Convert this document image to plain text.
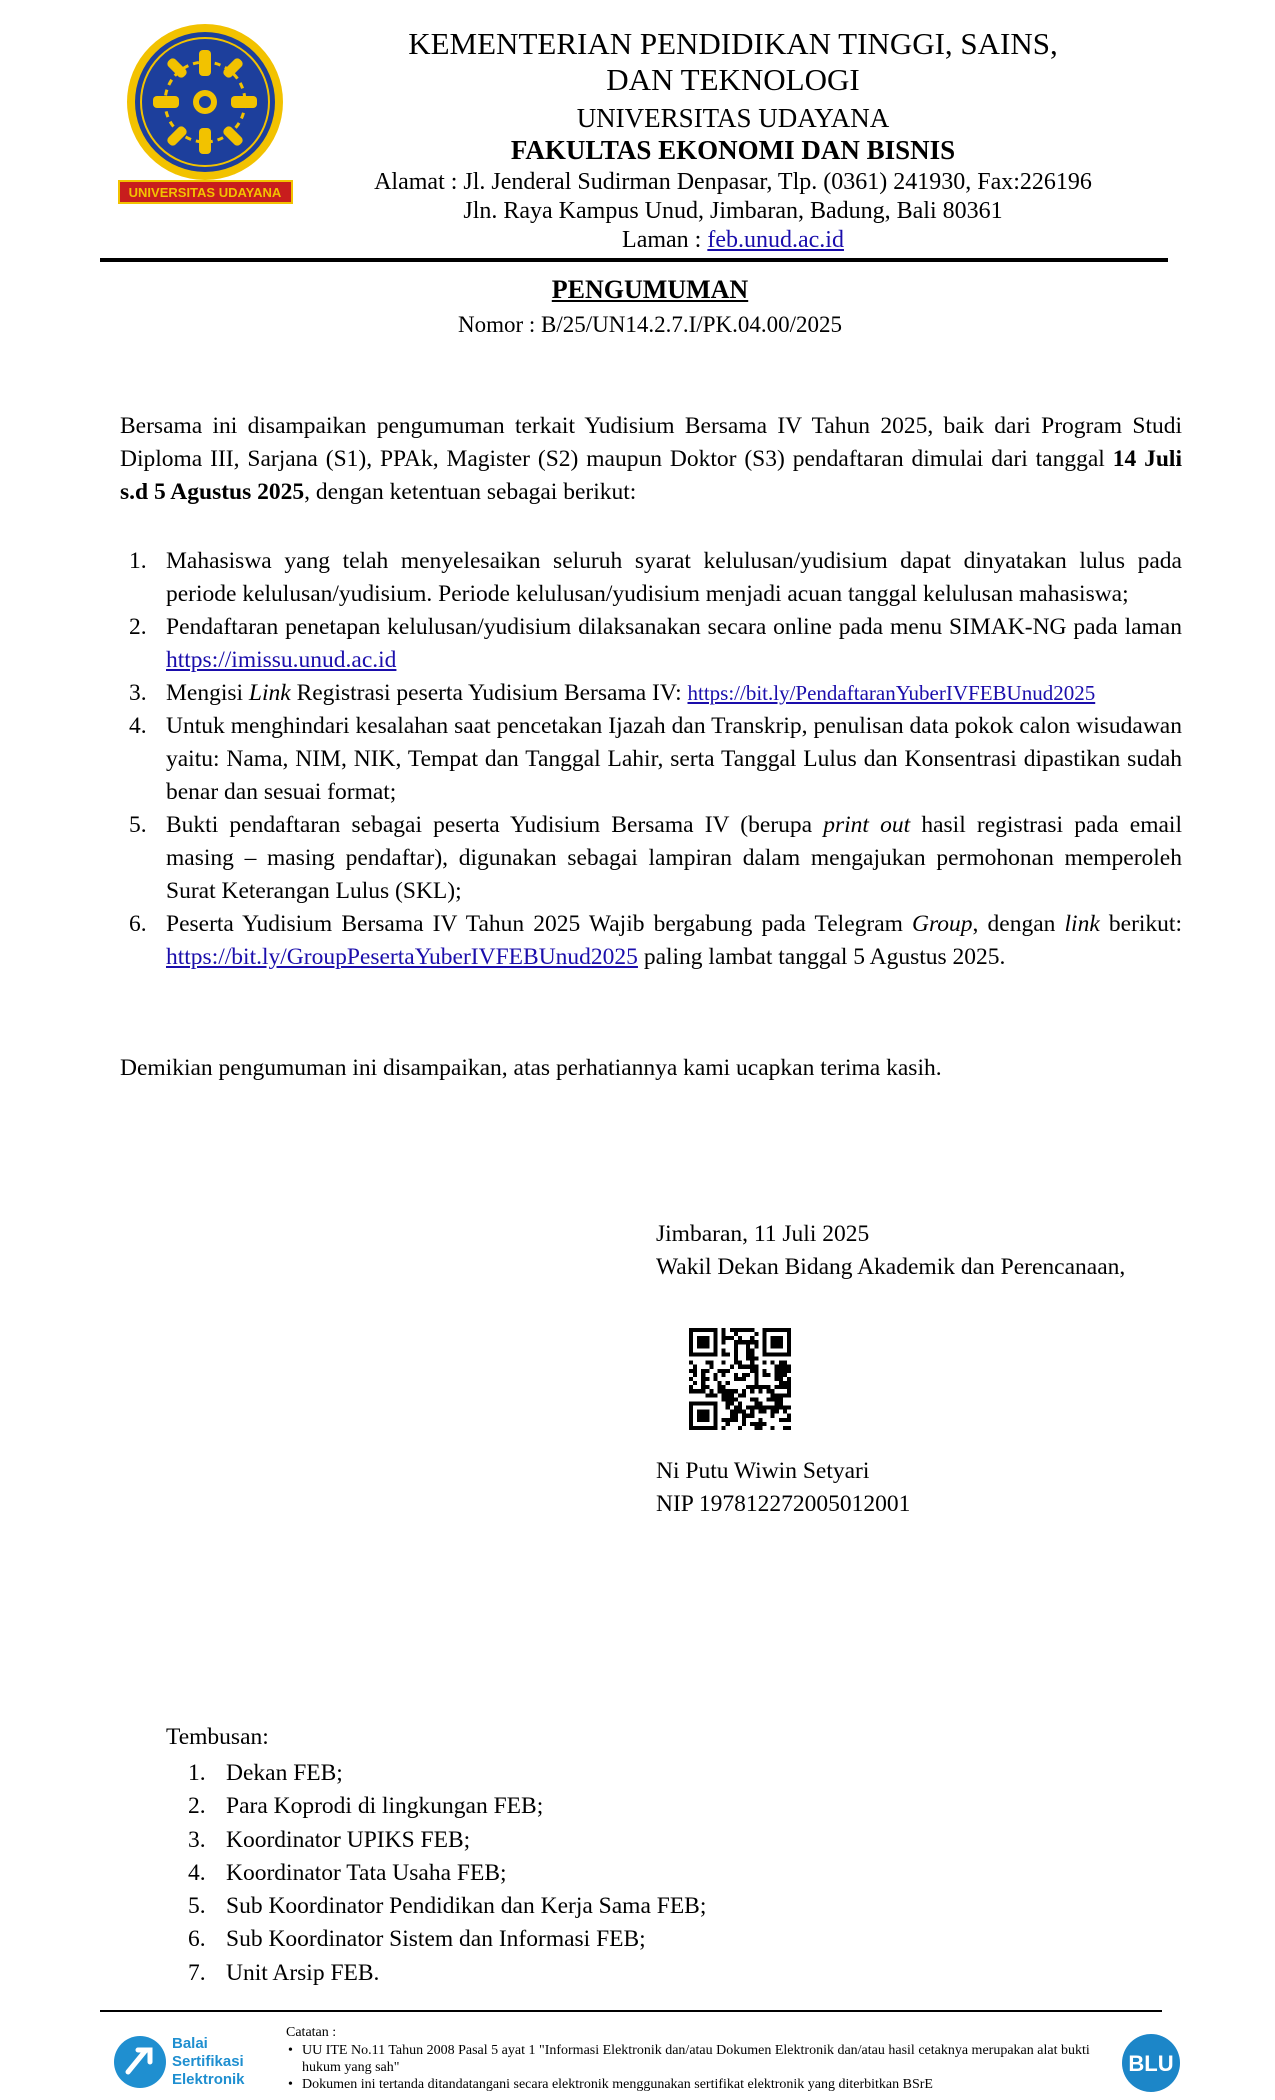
UNIVERSITAS UDAYANA
KEMENTERIAN PENDIDIKAN TINGGI, SAINS,
DAN TEKNOLOGI
UNIVERSITAS UDAYANA
FAKULTAS EKONOMI DAN BISNIS
Alamat : Jl. Jenderal Sudirman Denpasar, Tlp. (0361) 241930, Fax:226196
Jln. Raya Kampus Unud, Jimbaran, Badung, Bali 80361
Laman : feb.unud.ac.id
PENGUMUMAN
Nomor : B/25/UN14.2.7.I/PK.04.00/2025
Bersama ini disampaikan pengumuman terkait Yudisium Bersama IV Tahun 2025, baik dari Program Studi Diploma III, Sarjana (S1), PPAk, Magister (S2) maupun Doktor (S3) pendaftaran dimulai dari tanggal 14 Juli s.d 5 Agustus 2025, dengan ketentuan sebagai berikut:
1. Mahasiswa yang telah menyelesaikan seluruh syarat kelulusan/yudisium dapat dinyatakan lulus pada periode kelulusan/yudisium. Periode kelulusan/yudisium menjadi acuan tanggal kelulusan mahasiswa;
2. Pendaftaran penetapan kelulusan/yudisium dilaksanakan secara online pada menu SIMAK-NG pada laman https://imissu.unud.ac.id
3. Mengisi Link Registrasi peserta Yudisium Bersama IV: https://bit.ly/PendaftaranYuberIVFEBUnud2025
4. Untuk menghindari kesalahan saat pencetakan Ijazah dan Transkrip, penulisan data pokok calon wisudawan yaitu: Nama, NIM, NIK, Tempat dan Tanggal Lahir, serta Tanggal Lulus dan Konsentrasi dipastikan sudah benar dan sesuai format;
5. Bukti pendaftaran sebagai peserta Yudisium Bersama IV (berupa print out hasil registrasi pada email masing – masing pendaftar), digunakan sebagai lampiran dalam mengajukan permohonan memperoleh Surat Keterangan Lulus (SKL);
6. Peserta Yudisium Bersama IV Tahun 2025 Wajib bergabung pada Telegram Group, dengan link berikut: https://bit.ly/GroupPesertaYuberIVFEBUnud2025 paling lambat tanggal 5 Agustus 2025.
Demikian pengumuman ini disampaikan, atas perhatiannya kami ucapkan terima kasih.
Jimbaran, 11 Juli 2025
Wakil Dekan Bidang Akademik dan Perencanaan,
Ni Putu Wiwin Setyari
NIP 197812272005012001
Tembusan:
1. Dekan FEB;
2. Para Koprodi di lingkungan FEB;
3. Koordinator UPIKS FEB;
4. Koordinator Tata Usaha FEB;
5. Sub Koordinator Pendidikan dan Kerja Sama FEB;
6. Sub Koordinator Sistem dan Informasi FEB;
7. Unit Arsip FEB.
Balai
Sertifikasi
Elektronik
Catatan :
• UU ITE No.11 Tahun 2008 Pasal 5 ayat 1 "Informasi Elektronik dan/atau Dokumen Elektronik dan/atau hasil cetaknya merupakan alat bukti hukum yang sah"
• Dokumen ini tertanda ditandatangani secara elektronik menggunakan sertifikat elektronik yang diterbitkan BSrE
BLU
